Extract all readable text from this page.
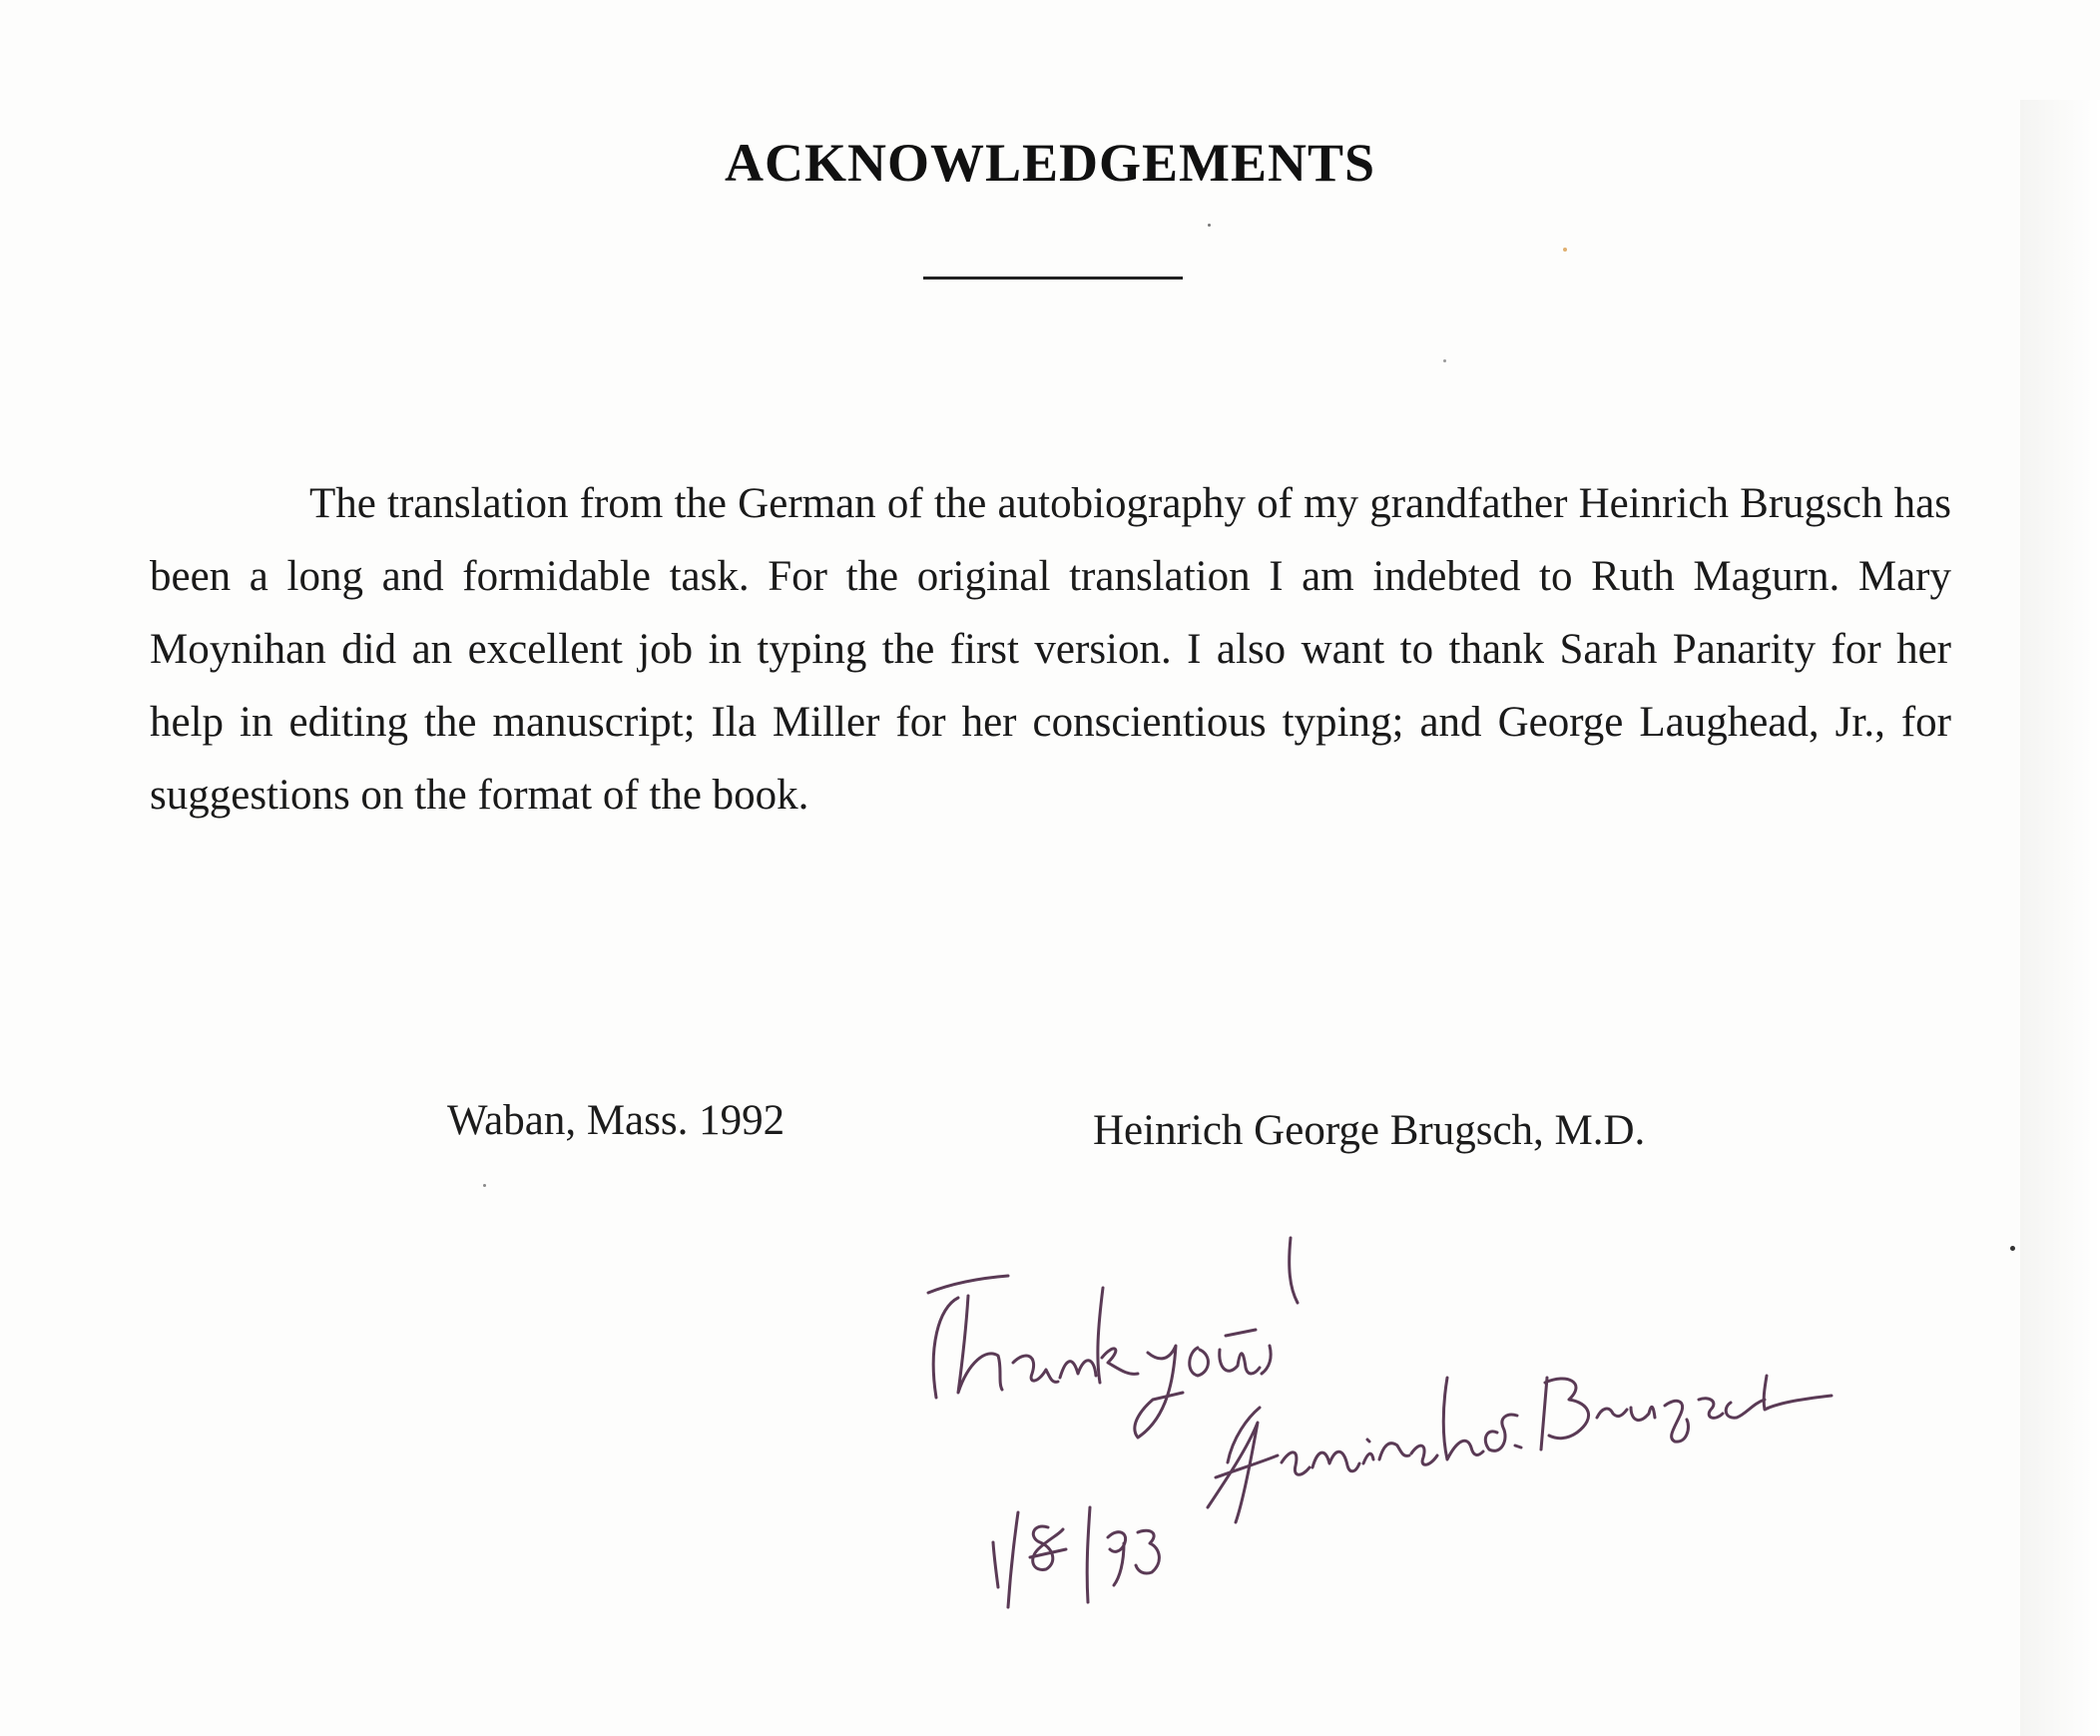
ACKNOWLEDGEMENTS
The translation from the German of the autobiography of my grandfather Heinrich Brugsch has been a long and formidable task. For the original translation I am indebted to Ruth Magurn. Mary Moynihan did an excellent job in typing the first version. I also want to thank Sarah Panarity for her help in editing the manuscript; Ila Miller for her conscientious typing; and George Laughead, Jr., for suggestions on the format of the book.
Waban, Mass. 1992	Heinrich George Brugsch, M.D.
